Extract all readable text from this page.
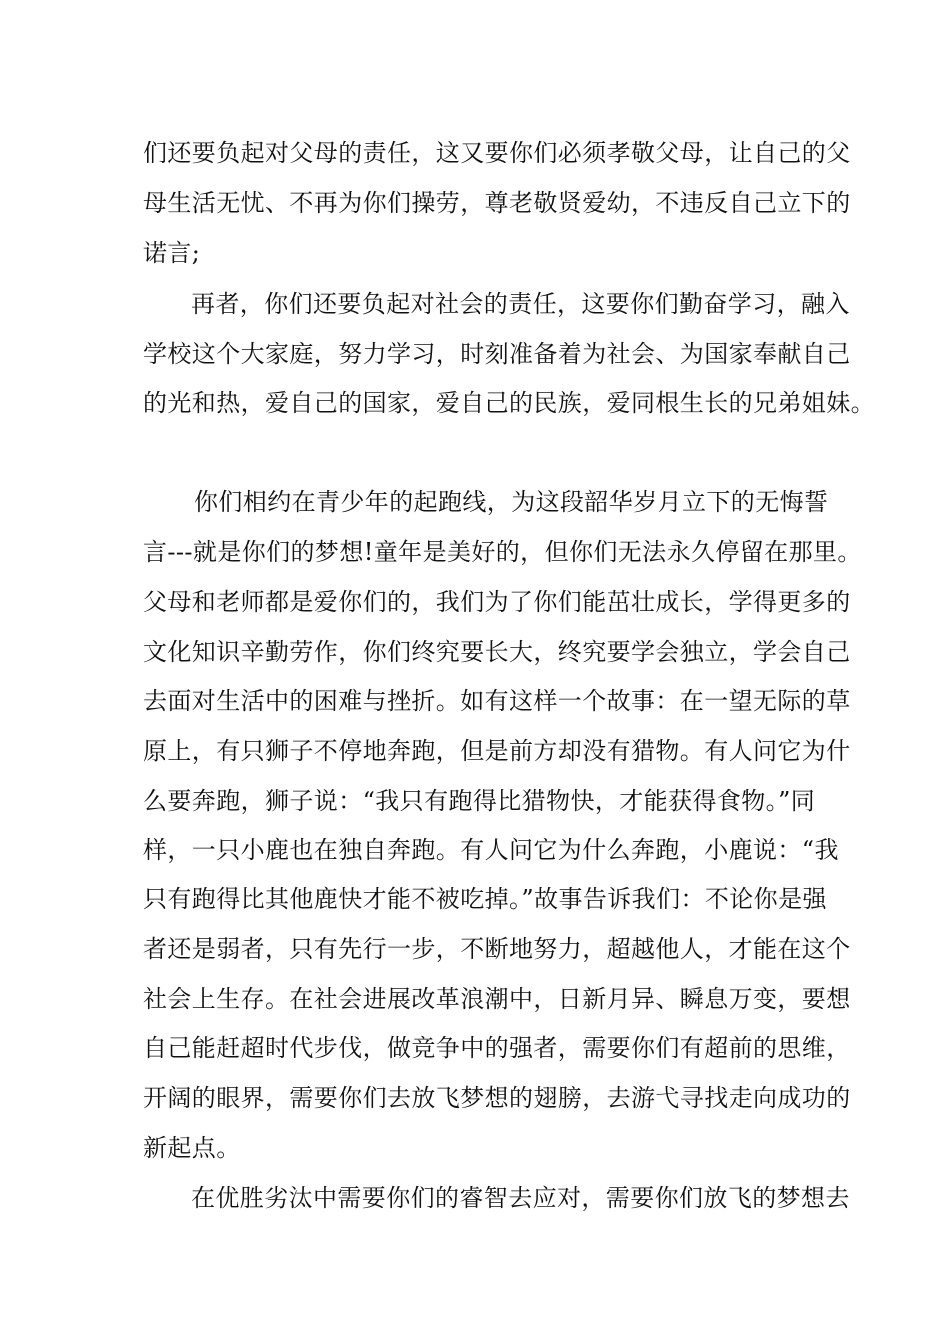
们还要负起对父母的责任，这又要你们必须孝敬父母，让自己的父
母生活无忧、不再为你们操劳，尊老敬贤爱幼，不违反自己立下的
诺言;
再者，你们还要负起对社会的责任，这要你们勤奋学习，融入
学校这个大家庭，努力学习，时刻准备着为社会、为国家奉献自己
的光和热，爱自己的国家，爱自己的民族，爱同根生长的兄弟姐妹。
你们相约在青少年的起跑线，为这段韶华岁月立下的无悔誓
言---就是你们的梦想!童年是美好的，但你们无法永久停留在那里。
父母和老师都是爱你们的，我们为了你们能茁壮成长，学得更多的
文化知识辛勤劳作，你们终究要长大，终究要学会独立，学会自己
去面对生活中的困难与挫折。如有这样一个故事：在一望无际的草
原上，有只狮子不停地奔跑，但是前方却没有猎物。有人问它为什
么要奔跑，狮子说：“我只有跑得比猎物快，才能获得食物。”同
样，一只小鹿也在独自奔跑。有人问它为什么奔跑，小鹿说：“我
只有跑得比其他鹿快才能不被吃掉。”故事告诉我们：不论你是强
者还是弱者，只有先行一步，不断地努力，超越他人，才能在这个
社会上生存。在社会进展改革浪潮中，日新月异、瞬息万变，要想
自己能赶超时代步伐，做竞争中的强者，需要你们有超前的思维，
开阔的眼界，需要你们去放飞梦想的翅膀，去游弋寻找走向成功的
新起点。
在优胜劣汰中需要你们的睿智去应对，需要你们放飞的梦想去
